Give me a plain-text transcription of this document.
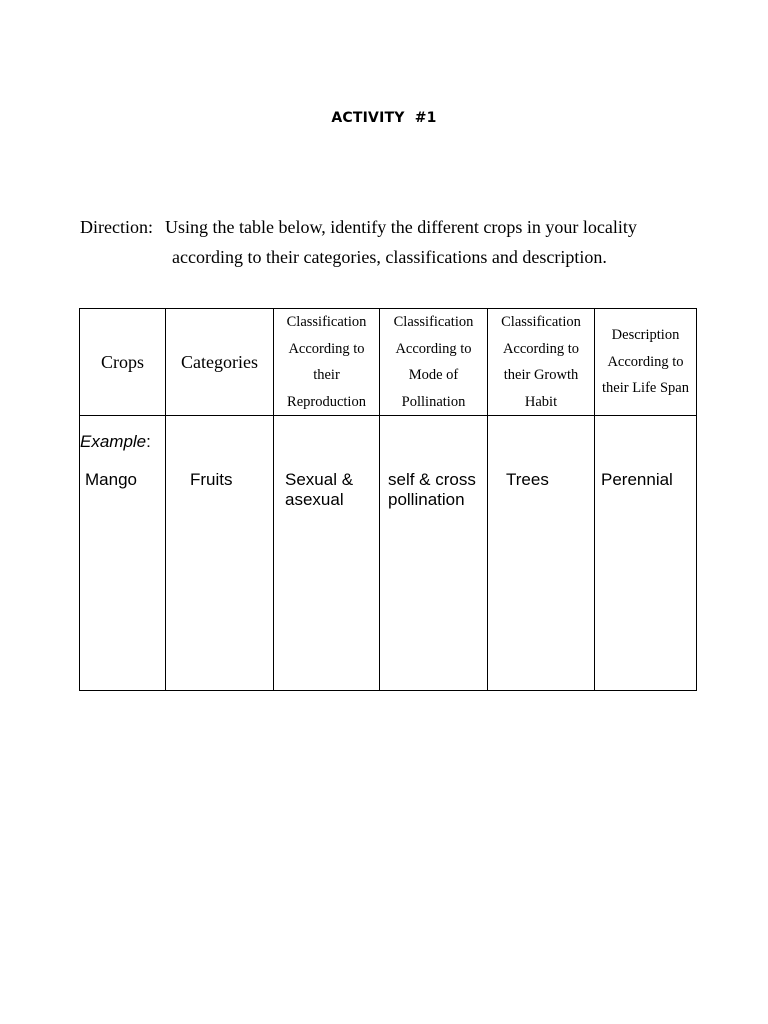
ACTIVITY  #1
Direction: Using the table below, identify the different crops in your locality
according to their categories, classifications and description.
Crops	Categories	Classification According to their Reproduction	Classification According to Mode of Pollination	Classification According to their Growth Habit	Description According to their Life Span

Example:
Mango	Fruits	Sexual & asexual	self & cross pollination	Trees	Perennial
